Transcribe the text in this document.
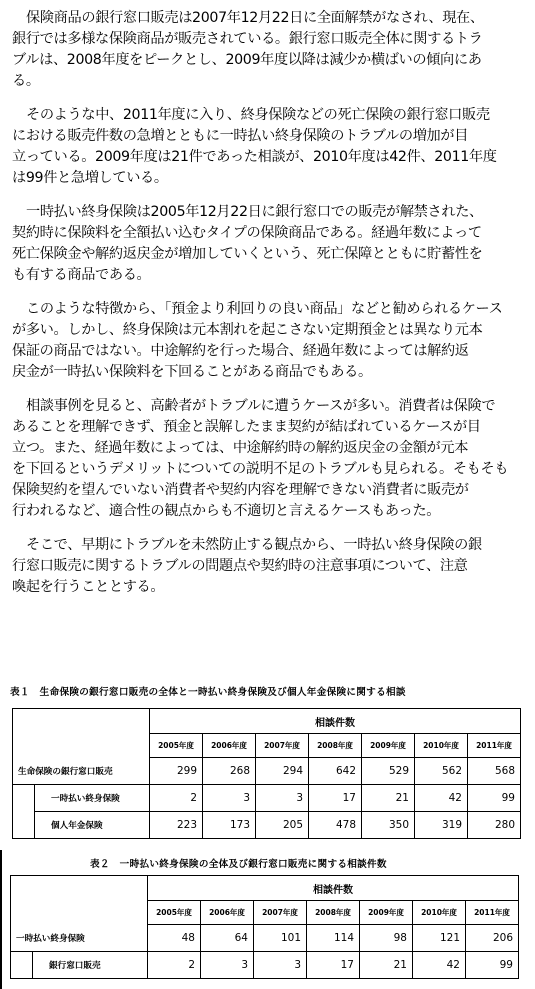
保険商品の銀行窓口販売は2007年12月22日に全面解禁がなされ、現在、
銀行では多様な保険商品が販売されている。銀行窓口販売全体に関するトラ
ブルは、2008年度をピークとし、2009年度以降は減少か横ばいの傾向にあ
る。

そのような中、2011年度に入り、終身保険などの死亡保険の銀行窓口販売
における販売件数の急増とともに一時払い終身保険のトラブルの増加が目
立っている。2009年度は21件であった相談が、2010年度は42件、2011年度
は99件と急増している。

一時払い終身保険は2005年12月22日に銀行窓口での販売が解禁された、
契約時に保険料を全額払い込むタイプの保険商品である。経過年数によって
死亡保険金や解約返戻金が増加していくという、死亡保障とともに貯蓄性を
も有する商品である。

このような特徴から、「預金より利回りの良い商品」などと勧められるケース
が多い。しかし、終身保険は元本割れを起こさない定期預金とは異なり元本
保証の商品ではない。中途解約を行った場合、経過年数によっては解約返
戻金が一時払い保険料を下回ることがある商品でもある。

相談事例を見ると、高齢者がトラブルに遭うケースが多い。消費者は保険で
あることを理解できず、預金と誤解したまま契約が結ばれているケースが目
立つ。また、経過年数によっては、中途解約時の解約返戻金の金額が元本
を下回るというデメリットについての説明不足のトラブルも見られる。そもそも
保険契約を望んでいない消費者や契約内容を理解できない消費者に販売が
行われるなど、適合性の観点からも不適切と言えるケースもあった。

そこで、早期にトラブルを未然防止する観点から、一時払い終身保険の銀
行窓口販売に関するトラブルの問題点や契約時の注意事項について、注意
喚起を行うこととする。

表１　生命保険の銀行窓口販売の全体と一時払い終身保険及び個人年金保険に関する相談
		相談件数						
		2005年度	2006年度	2007年度	2008年度	2009年度	2010年度	2011年度
生命保険の銀行窓口販売		299	268	294	642	529	562	568
	一時払い終身保険	2	3	3	17	21	42	99
	個人年金保険	223	173	205	478	350	319	280
表２　一時払い終身保険の全体及び銀行窓口販売に関する相談件数
		相談件数						
		2005年度	2006年度	2007年度	2008年度	2009年度	2010年度	2011年度
一時払い終身保険		48	64	101	114	98	121	206
	銀行窓口販売	2	3	3	17	21	42	99
